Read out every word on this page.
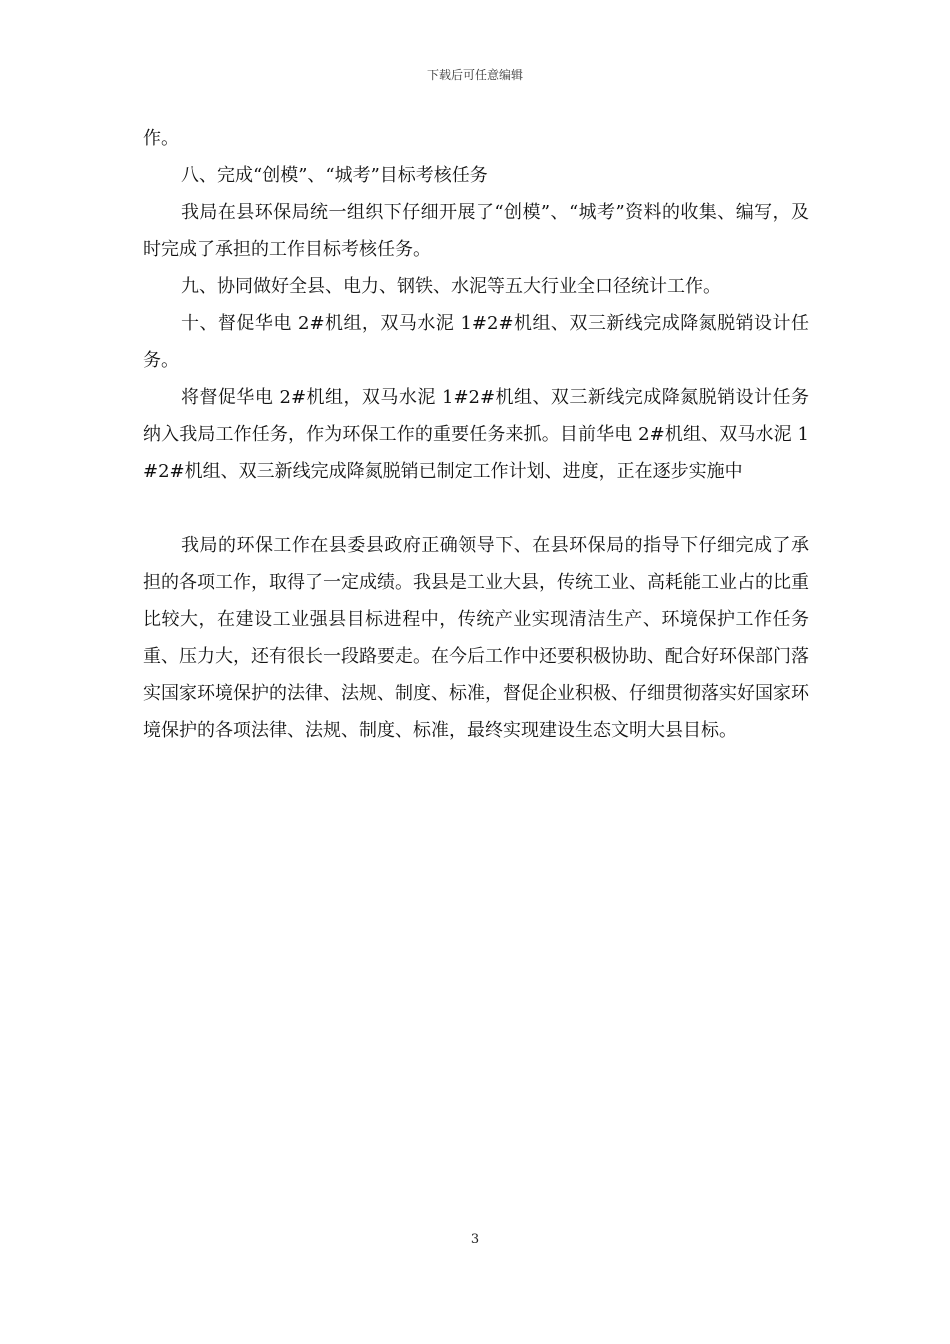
下载后可任意编辑

作。

八、完成“创模”、“城考”目标考核任务

我局在县环保局统一组织下仔细开展了“创模”、“城考”资料的收集、编写，及时完成了承担的工作目标考核任务。

九、协同做好全县、电力、钢铁、水泥等五大行业全口径统计工作。

十、督促华电 2#机组，双马水泥 1#2#机组、双三新线完成降氮脱销设计任务。

将督促华电 2#机组，双马水泥 1#2#机组、双三新线完成降氮脱销设计任务纳入我局工作任务，作为环保工作的重要任务来抓。目前华电 2#机组、双马水泥 1#2#机组、双三新线完成降氮脱销已制定工作计划、进度，正在逐步实施中

我局的环保工作在县委县政府正确领导下、在县环保局的指导下仔细完成了承担的各项工作，取得了一定成绩。我县是工业大县，传统工业、高耗能工业占的比重比较大，在建设工业强县目标进程中，传统产业实现清洁生产、环境保护工作任务重、压力大，还有很长一段路要走。在今后工作中还要积极协助、配合好环保部门落实国家环境保护的法律、法规、制度、标准，督促企业积极、仔细贯彻落实好国家环境保护的各项法律、法规、制度、标准，最终实现建设生态文明大县目标。

3
